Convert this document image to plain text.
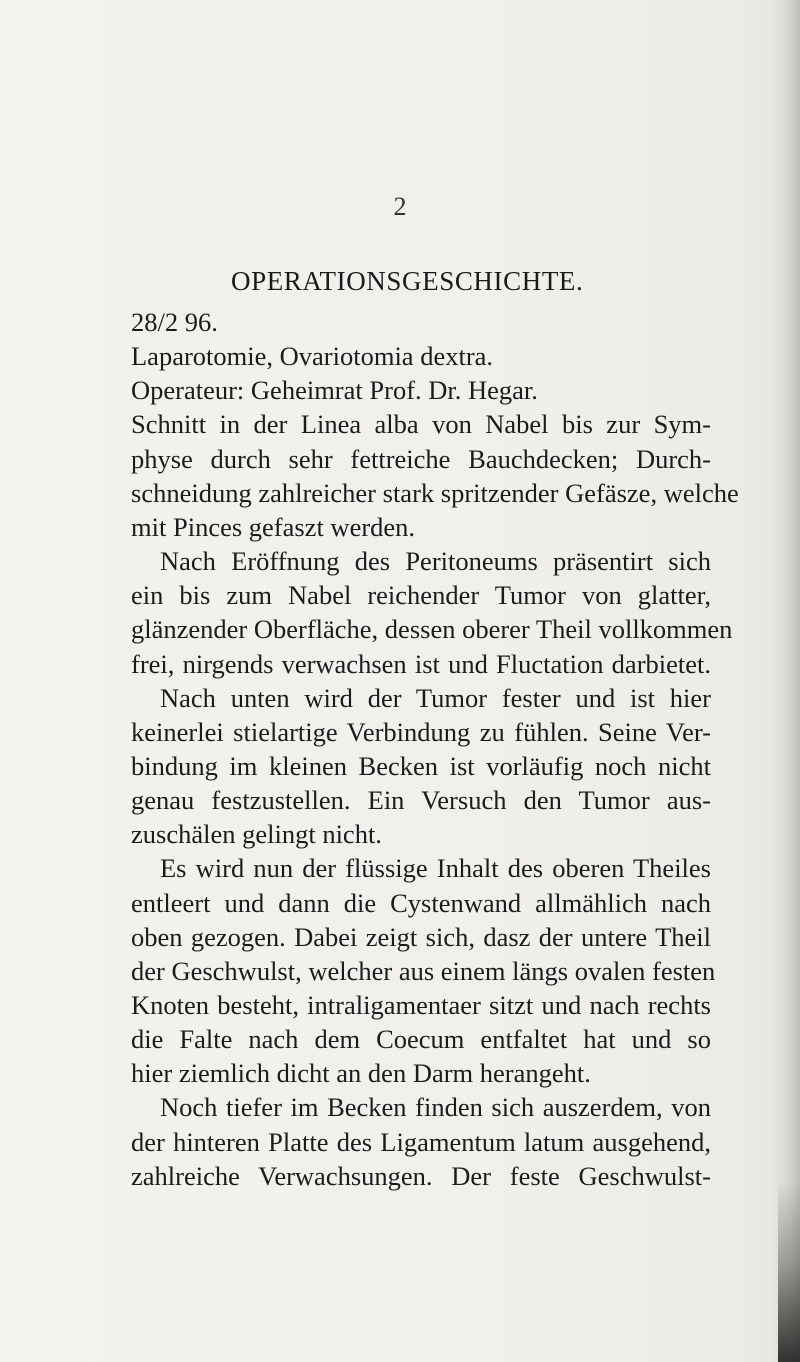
2
OPERATIONSGESCHICHTE.
28/2 96.
Laparotomie, Ovariotomia dextra.
Operateur: Geheimrat Prof. Dr. Hegar.
Schnitt in der Linea alba von Nabel bis zur Sym-
physe durch sehr fettreiche Bauchdecken; Durch-
schneidung zahlreicher stark spritzender Gefäsze, welche
mit Pinces gefaszt werden.
Nach Eröffnung des Peritoneums präsentirt sich
ein bis zum Nabel reichender Tumor von glatter,
glänzender Oberfläche, dessen oberer Theil vollkommen
frei, nirgends verwachsen ist und Fluctation darbietet.
Nach unten wird der Tumor fester und ist hier
keinerlei stielartige Verbindung zu fühlen. Seine Ver-
bindung im kleinen Becken ist vorläufig noch nicht
genau festzustellen. Ein Versuch den Tumor aus-
zuschälen gelingt nicht.
Es wird nun der flüssige Inhalt des oberen Theiles
entleert und dann die Cystenwand allmählich nach
oben gezogen. Dabei zeigt sich, dasz der untere Theil
der Geschwulst, welcher aus einem längs ovalen festen
Knoten besteht, intraligamentaer sitzt und nach rechts
die Falte nach dem Coecum entfaltet hat und so
hier ziemlich dicht an den Darm herangeht.
Noch tiefer im Becken finden sich auszerdem, von
der hinteren Platte des Ligamentum latum ausgehend,
zahlreiche Verwachsungen. Der feste Geschwulst-
